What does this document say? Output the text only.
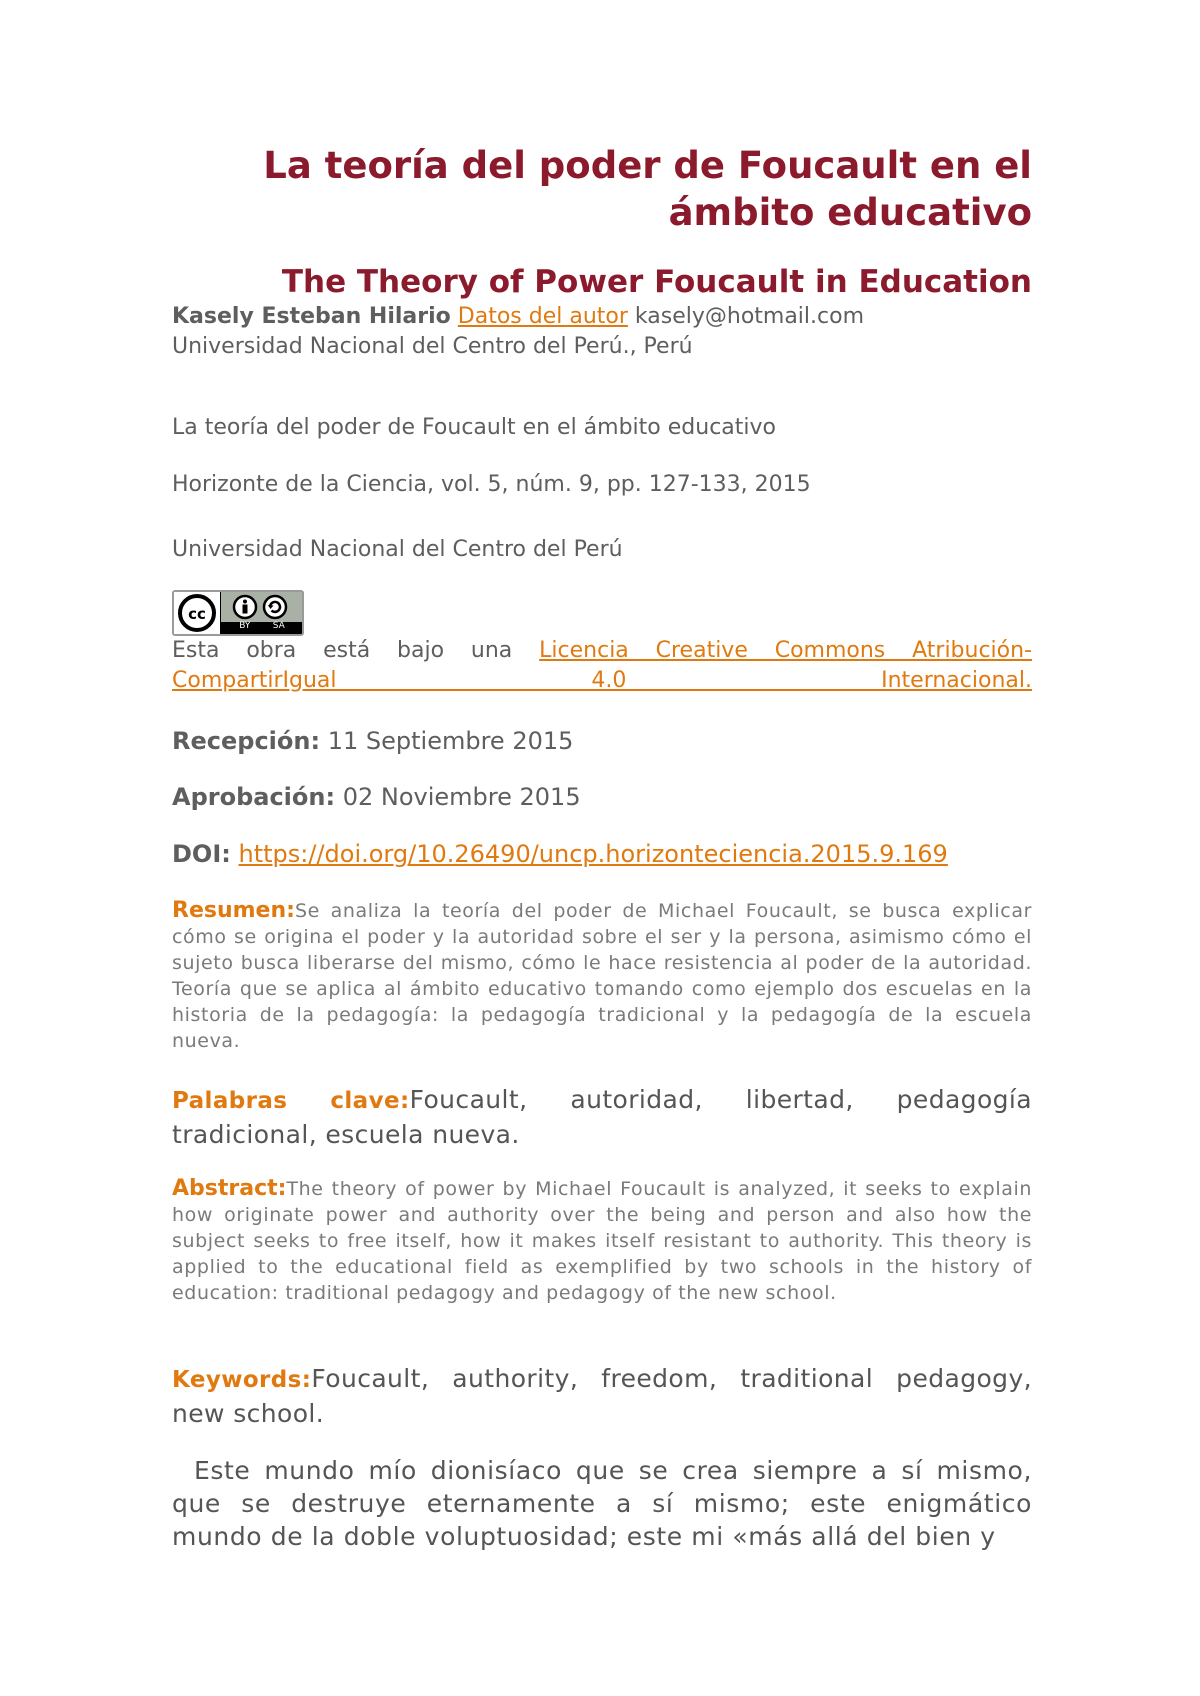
La teoría del poder de Foucault en el ámbito educativo
The Theory of Power Foucault in Education
Kasely Esteban Hilario Datos del autor kasely@hotmail.com
Universidad Nacional del Centro del Perú., Perú
La teoría del poder de Foucault en el ámbito educativo
Horizonte de la Ciencia, vol. 5, núm. 9, pp. 127-133, 2015
Universidad Nacional del Centro del Perú
cc
BY SA
Esta obra está bajo una Licencia Creative Commons Atribución-CompartirIgual 4.0 Internacional.
Recepción: 11 Septiembre 2015
Aprobación: 02 Noviembre 2015
DOI: https://doi.org/10.26490/uncp.horizonteciencia.2015.9.169
Resumen:Se analiza la teoría del poder de Michael Foucault, se busca explicar cómo se origina el poder y la autoridad sobre el ser y la persona, asimismo cómo el sujeto busca liberarse del mismo, cómo le hace resistencia al poder de la autoridad. Teoría que se aplica al ámbito educativo tomando como ejemplo dos escuelas en la historia de la pedagogía: la pedagogía tradicional y la pedagogía de la escuela nueva.
Palabras clave:Foucault, autoridad, libertad, pedagogía tradicional, escuela nueva.
Abstract:The theory of power by Michael Foucault is analyzed, it seeks to explain how originate power and authority over the being and person and also how the subject seeks to free itself, how it makes itself resistant to authority. This theory is applied to the educational field as exemplified by two schools in the history of education: traditional pedagogy and pedagogy of the new school.
Keywords:Foucault, authority, freedom, traditional pedagogy, new school.
Este mundo mío dionisíaco que se crea siempre a sí mismo, que se destruye eternamente a sí mismo; este enigmático mundo de la doble voluptuosidad; este mi «más allá del bien y
